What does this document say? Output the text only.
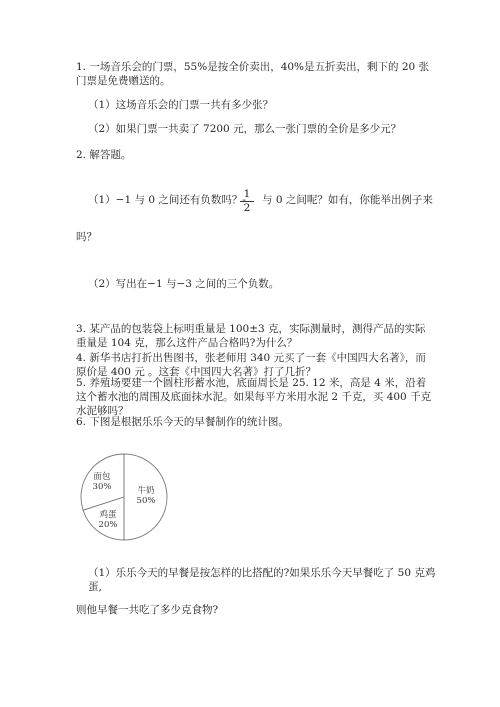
1. 一场音乐会的门票，55%是按全价卖出，40%是五折卖出，剩下的 20 张门票是免费赠送的。

（1）这场音乐会的门票一共有多少张？

（2）如果门票一共卖了 7200 元，那么一张门票的全价是多少元？

2. 解答题。

（1）−1 与 0 之间还有负数吗？-
$\frac{1}{2}$ 与 0 之间呢？如有，你能举出例子来

吗？

（2）写出在−1 与−3 之间的三个负数。

3. 某产品的包装袋上标明重量是 100±3 克，实际测量时，测得产品的实际重量是 104 克，那么这件产品合格吗?为什么？

4. 新华书店打折出售图书，张老师用 340 元买了一套《中国四大名著》，而原价是 400 元 。这套《中国四大名著》打了几折？

5. 养殖场要建一个圆柱形蓄水池，底面周长是 25. 12 米，高是 4 米，沿着这个蓄水池的周围及底面抹水泥。如果每平方米用水泥 2 千克，买 400 千克水泥够吗？

6. 下图是根据乐乐今天的早餐制作的统计图。

面包
30%	牛奶
50%
鸡蛋
20%

（1）乐乐今天的早餐是按怎样的比搭配的?如果乐乐今天早餐吃了 50 克鸡蛋,

则他早餐一共吃了多少克食物?
